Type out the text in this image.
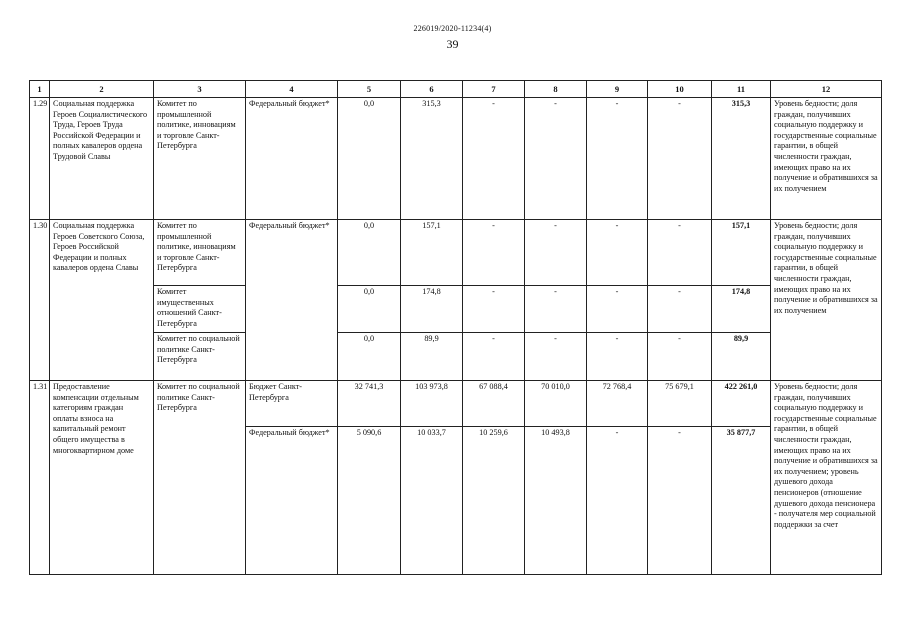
226019/2020-11234(4)
39
1	2	3	4	5	6	7	8	9	10	11	12
1.29	Социальная поддержка Героев Социалистического Труда, Героев Труда Российской Федерации и полных кавалеров ордена Трудовой Славы	Комитет по промышленной политике, инновациям и торговле Санкт-Петербурга	Федеральный бюджет*	0,0	315,3	-	-	-	-	315,3	Уровень бедности; доля граждан, получивших социальную поддержку и государственные социальные гарантии, в общей численности граждан, имеющих право на их получение и обратившихся за их получением
1.30	Социальная поддержка Героев Советского Союза, Героев Российской Федерации и полных кавалеров ордена Славы	Комитет по промышленной политике, инновациям и торговле Санкт-Петербурга	Федеральный бюджет*	0,0	157,1	-	-	-	-	157,1	Уровень бедности; доля граждан, получивших социальную поддержку и государственные социальные гарантии, в общей численности граждан, имеющих право на их получение и обратившихся за их получением
		Комитет имущественных отношений Санкт-Петербурга		0,0	174,8	-	-	-	-	174,8	
		Комитет по социальной политике Санкт-Петербурга		0,0	89,9	-	-	-	-	89,9	
1.31	Предоставление компенсации отдельным категориям граждан оплаты взноса на капитальный ремонт общего имущества в многоквартирном доме	Комитет по социальной политике Санкт-Петербурга	Бюджет Санкт-Петербурга	32 741,3	103 973,8	67 088,4	70 010,0	72 768,4	75 679,1	422 261,0	Уровень бедности; доля граждан, получивших социальную поддержку и государственные социальные гарантии, в общей численности граждан, имеющих право на их получение и обратившихся за их получением; уровень душевого дохода пенсионеров (отношение душевого дохода пенсионера - получателя мер социальной поддержки за счет
			Федеральный бюджет*	5 090,6	10 033,7	10 259,6	10 493,8	-	-	35 877,7	
